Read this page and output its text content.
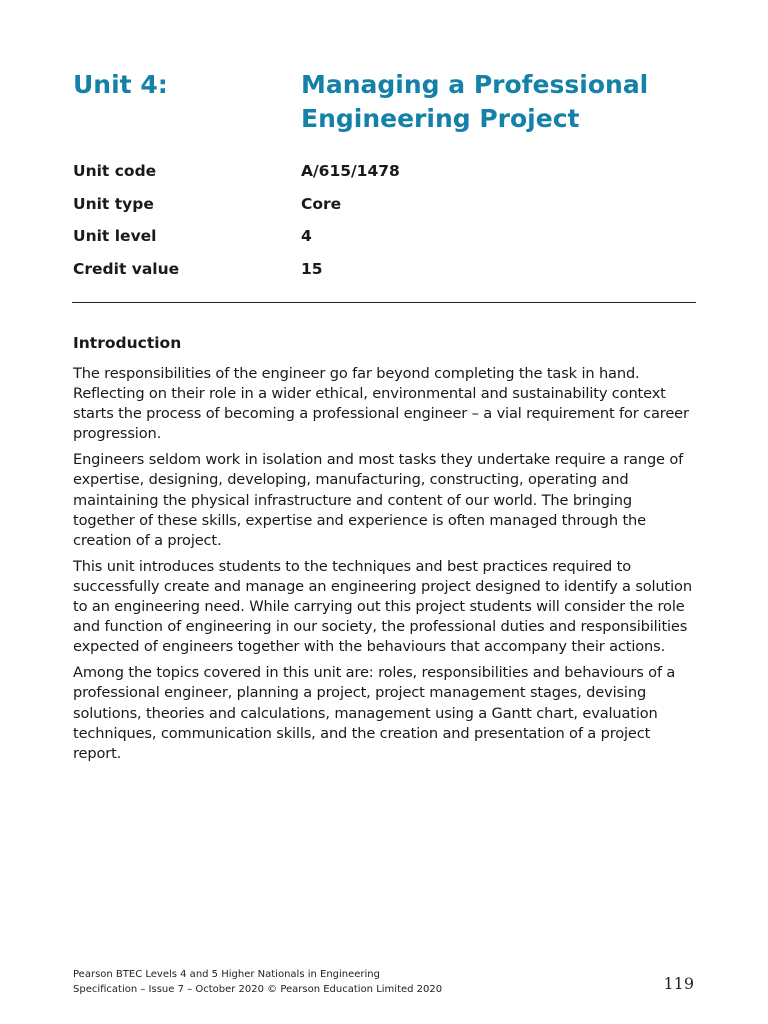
Unit 4:	Managing a Professional Engineering Project
Unit code	A/615/1478
Unit type	Core
Unit level	4
Credit value	15
Introduction

The responsibilities of the engineer go far beyond completing the task in hand. Reflecting on their role in a wider ethical, environmental and sustainability context starts the process of becoming a professional engineer – a vial requirement for career progression.

Engineers seldom work in isolation and most tasks they undertake require a range of expertise, designing, developing, manufacturing, constructing, operating and maintaining the physical infrastructure and content of our world. The bringing together of these skills, expertise and experience is often managed through the creation of a project.

This unit introduces students to the techniques and best practices required to successfully create and manage an engineering project designed to identify a solution to an engineering need. While carrying out this project students will consider the role and function of engineering in our society, the professional duties and responsibilities expected of engineers together with the behaviours that accompany their actions.

Among the topics covered in this unit are: roles, responsibilities and behaviours of a professional engineer, planning a project, project management stages, devising solutions, theories and calculations, management using a Gantt chart, evaluation techniques, communication skills, and the creation and presentation of a project report.

Pearson BTEC Levels 4 and 5 Higher Nationals in Engineering
Specification – Issue 7 – October 2020 © Pearson Education Limited 2020	119
